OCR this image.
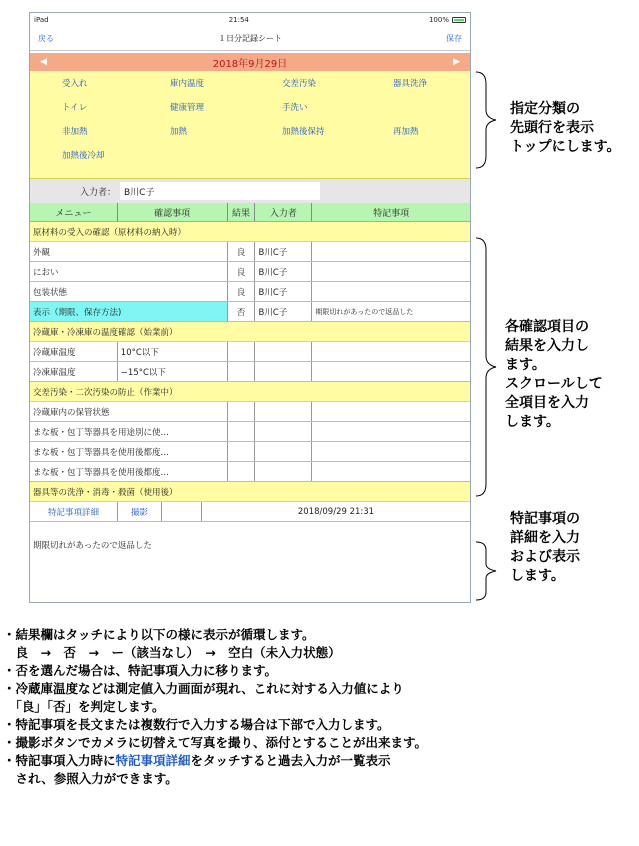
iPad	21:54	100%
戻る	１日分記録シート	保存
◀	2018年9月29日	▶
受入れ	庫内温度	交差汚染	器具洗浄
トイレ	健康管理	手洗い
非加熱	加熱	加熱後保持	再加熱
加熱後冷却
入力者： B川C子
メニュー	確認事項	結果	入力者	特記事項
原材料の受入の確認（原材料の納入時）
外観	良	B川C子
におい	良	B川C子
包装状態	良	B川C子
表示（期限、保存方法)	否	B川C子	期限切れがあったので返品した
冷蔵庫・冷凍庫の温度確認（始業前）
冷蔵庫温度	10°C以下
冷凍庫温度	−15°C以下
交差汚染・二次汚染の防止（作業中）
冷蔵庫内の保管状態
まな板・包丁等器具を用途別に使…
まな板・包丁等器具を使用後都度…
まな板・包丁等器具を使用後都度…
器具等の洗浄・消毒・殺菌（使用後）
特記事項詳細	撮影	2018/09/29 21:31
期限切れがあったので返品した
指定分類の
先頭行を表示
トップにします。
各確認項目の
結果を入力し
ます。
スクロールして
全項目を入力
します。
特記事項の
詳細を入力
および表示
します。

・結果欄はタッチにより以下の様に表示が循環します。

　良　→　否　→　ー（該当なし）　→　空白（未入力状態）

・否を選んだ場合は、特記事項入力に移ります。

・冷蔵庫温度などは測定値入力画面が現れ、これに対する入力値により

　「良」「否」を判定します。

・特記事項を長文または複数行で入力する場合は下部で入力します。

・撮影ボタンでカメラに切替えて写真を撮り、添付とすることが出来ます。

・特記事項入力時に特記事項詳細をタッチすると過去入力が一覧表示

　され、参照入力ができます。
